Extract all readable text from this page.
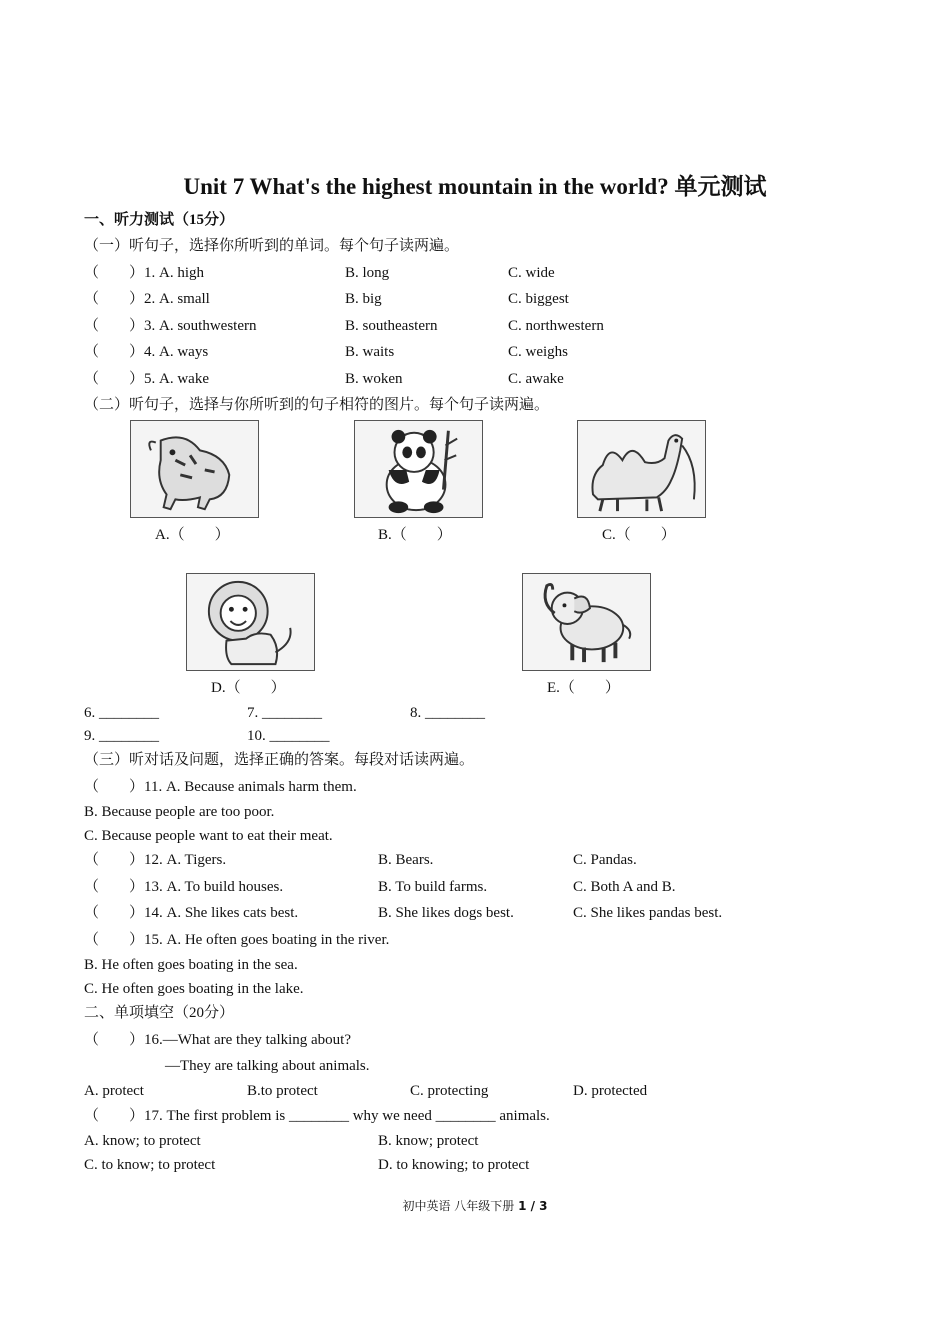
Unit 7 What's the highest mountain in the world? 单元测试
一、听力测试（15分）
（一）听句子，选择你所听到的单词。每个句子读两遍。
（　　）1. A. high	B. long	C. wide
（　　）2. A. small	B. big	C. biggest
（　　）3. A. southwestern	B. southeastern	C. northwestern
（　　）4. A. ways	B. waits	C. weighs
（　　）5. A. wake	B. woken	C. awake
（二）听句子，选择与你所听到的句子相符的图片。每个句子读两遍。
A.（　　）	B.（　　）	C.（　　）
D.（　　）	E.（　　）
6. ________	7. ________	8. ________
9. ________	10. ________
（三）听对话及问题，选择正确的答案。每段对话读两遍。
（　　）11. A. Because animals harm them.
B. Because people are too poor.
C. Because people want to eat their meat.
（　　）12. A. Tigers.	B. Bears.	C. Pandas.
（　　）13. A. To build houses.	B. To build farms.	C. Both A and B.
（　　）14. A. She likes cats best.	B. She likes dogs best.	C. She likes pandas best.
（　　）15. A. He often goes boating in the river.
B. He often goes boating in the sea.
C. He often goes boating in the lake.
二、单项填空（20分）
（　　）16.—What are they talking about?
—They are talking about animals.
A. protect	B.to protect	C. protecting	D. protected
（　　）17. The first problem is ________ why we need ________ animals.
A. know; to protect	B. know; protect
C. to know; to protect	D. to knowing; to protect
初中英语 八年级下册 1 / 3
